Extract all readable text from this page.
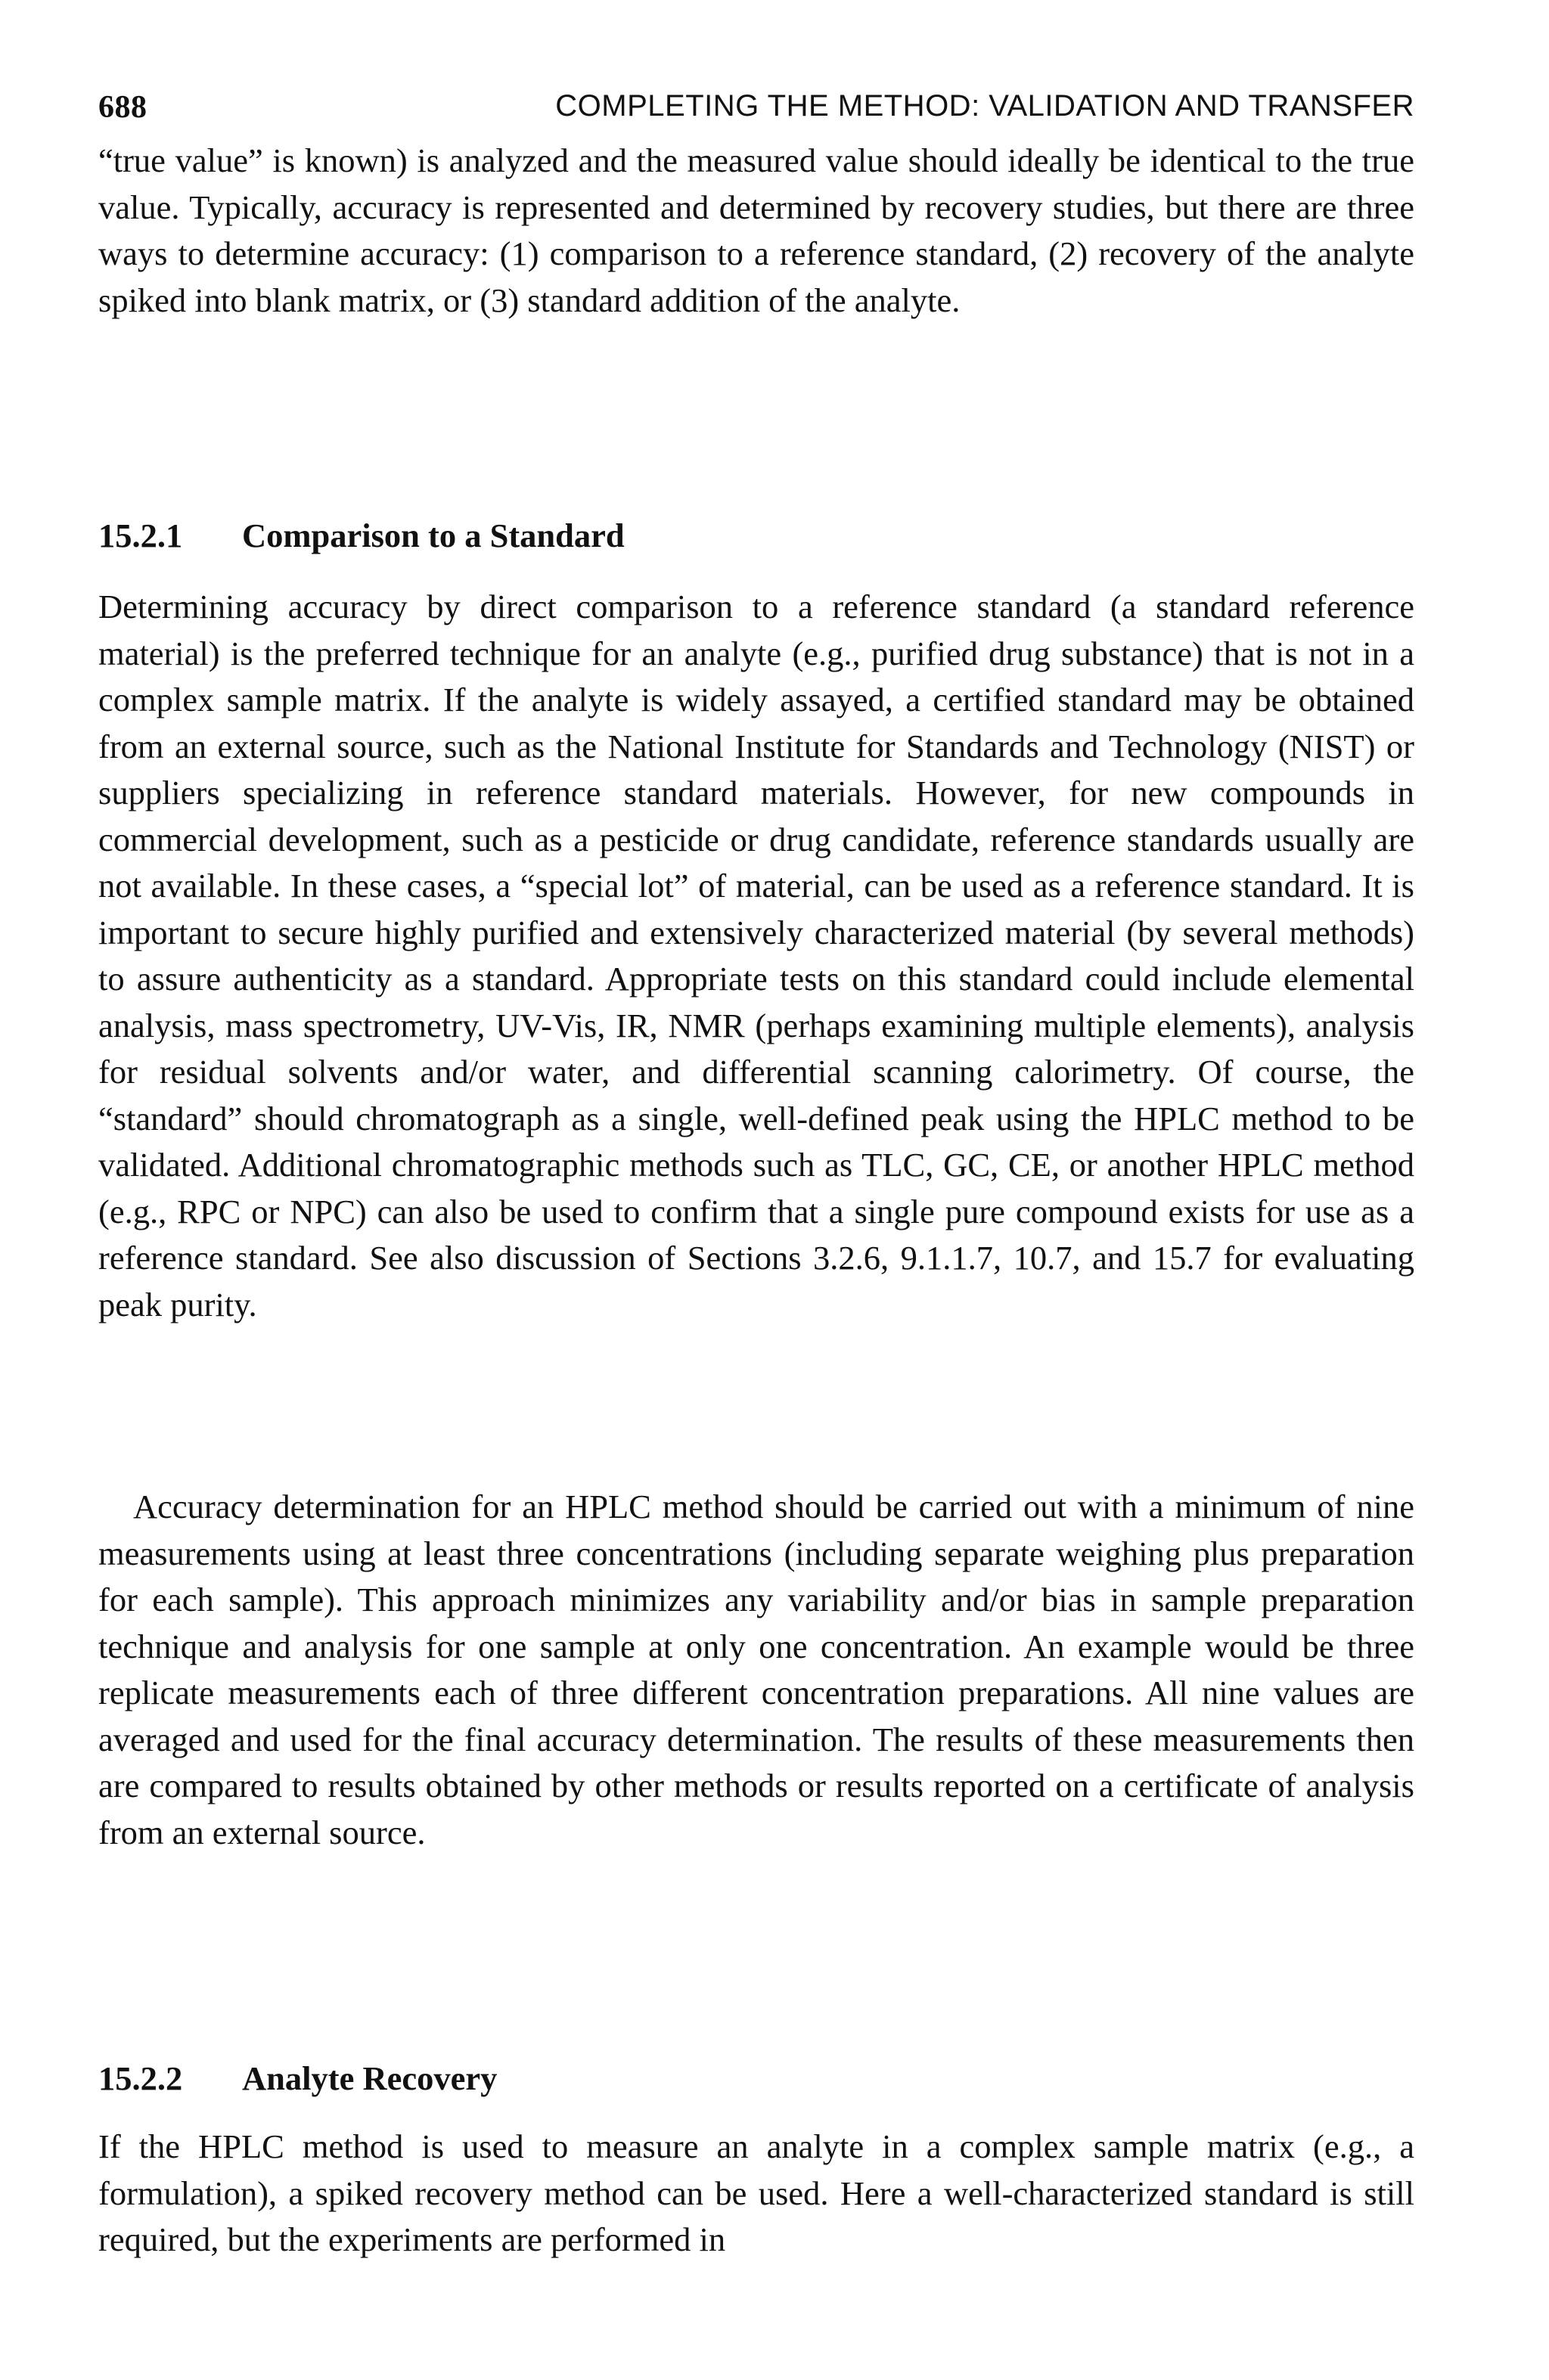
688	COMPLETING THE METHOD: VALIDATION AND TRANSFER

“true value” is known) is analyzed and the measured value should ideally be identical to the true value. Typically, accuracy is represented and determined by recovery studies, but there are three ways to determine accuracy: (1) comparison to a reference standard, (2) recovery of the analyte spiked into blank matrix, or (3) standard addition of the analyte.

15.2.1 Comparison to a Standard

Determining accuracy by direct comparison to a reference standard (a standard reference material) is the preferred technique for an analyte (e.g., purified drug substance) that is not in a complex sample matrix. If the analyte is widely assayed, a certified standard may be obtained from an external source, such as the National Institute for Standards and Technology (NIST) or suppliers specializing in reference standard materials. However, for new compounds in commercial development, such as a pesticide or drug candidate, reference standards usually are not available. In these cases, a “special lot” of material, can be used as a reference standard. It is important to secure highly purified and extensively characterized material (by several methods) to assure authenticity as a standard. Appropriate tests on this standard could include elemental analysis, mass spectrometry, UV-Vis, IR, NMR (perhaps examining multiple elements), analysis for residual solvents and/or water, and differential scanning calorimetry. Of course, the “standard” should chromatograph as a single, well-defined peak using the HPLC method to be validated. Additional chromatographic methods such as TLC, GC, CE, or another HPLC method (e.g., RPC or NPC) can also be used to confirm that a single pure compound exists for use as a reference standard. See also discussion of Sections 3.2.6, 9.1.1.7, 10.7, and 15.7 for evaluating peak purity.

Accuracy determination for an HPLC method should be carried out with a minimum of nine measurements using at least three concentrations (including separate weighing plus preparation for each sample). This approach minimizes any variability and/or bias in sample preparation technique and analysis for one sample at only one concentration. An example would be three replicate measurements each of three different concentration preparations. All nine values are averaged and used for the final accuracy determination. The results of these measurements then are compared to results obtained by other methods or results reported on a certificate of analysis from an external source.

15.2.2 Analyte Recovery

If the HPLC method is used to measure an analyte in a complex sample matrix (e.g., a formulation), a spiked recovery method can be used. Here a well-characterized standard is still required, but the experiments are performed in
